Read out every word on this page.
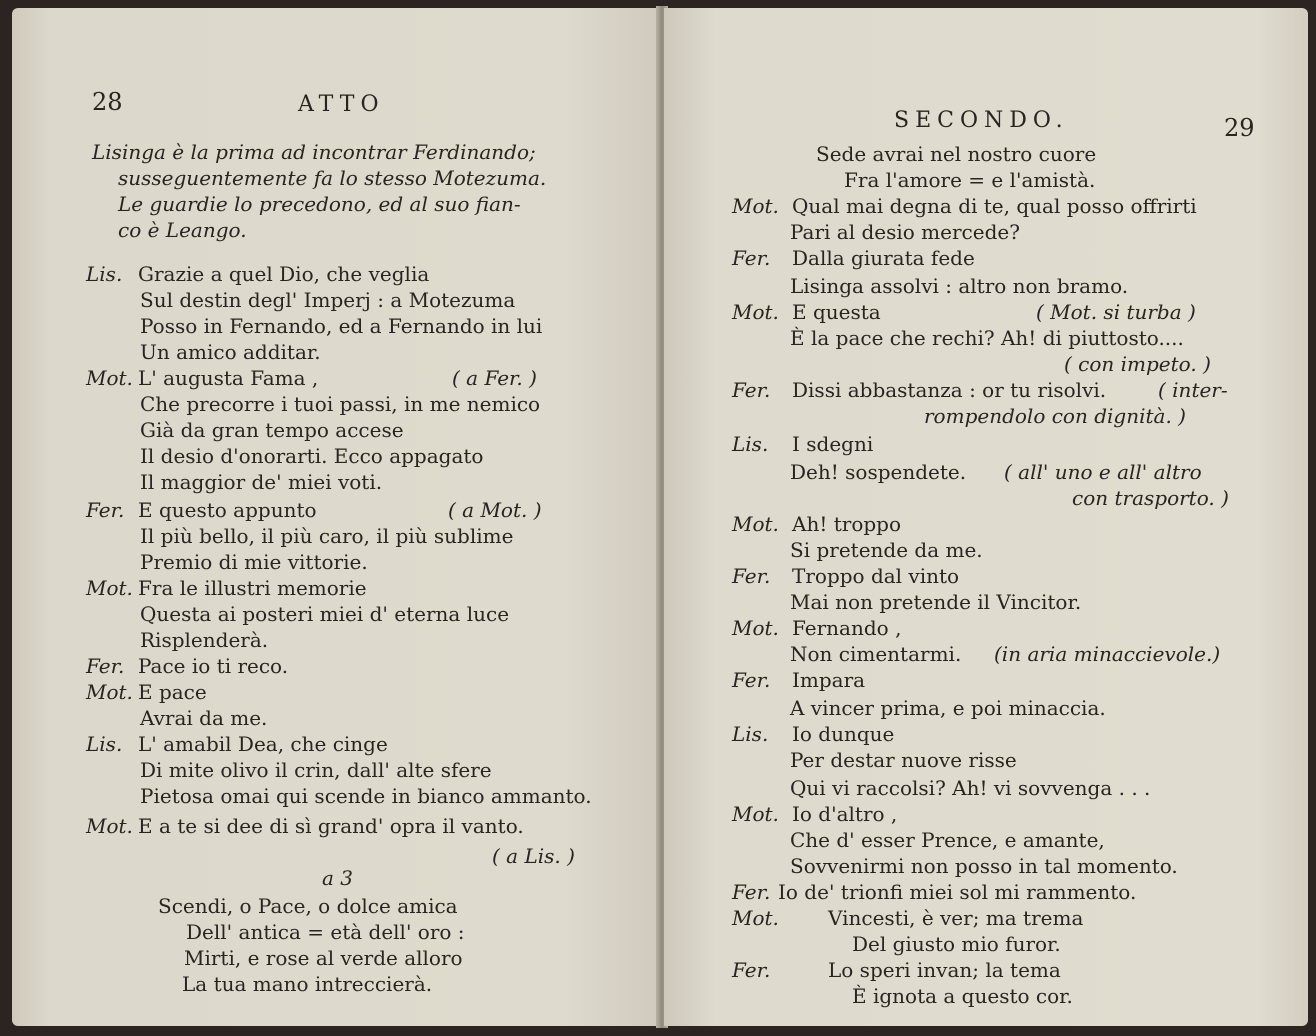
28	ATTO
Lisinga è la prima ad incontrar Ferdinando;
susseguentemente fa lo stesso Motezuma.
Le guardie lo precedono, ed al suo fian-
co è Leango.
Lis. Grazie a quel Dio, che veglia
Sul destin degl' Imperj : a Motezuma
Posso in Fernando, ed a Fernando in lui
Un amico additar.
Mot. L' augusta Fama ,	( a Fer. )
Che precorre i tuoi passi, in me nemico
Già da gran tempo accese
Il desio d'onorarti. Ecco appagato
Il maggior de' miei voti.
Fer. E questo appunto	( a Mot. )
Il più bello, il più caro, il più sublime
Premio di mie vittorie.
Mot. Fra le illustri memorie
Questa ai posteri miei d' eterna luce
Risplenderà.
Fer. Pace io ti reco.
Mot. E pace
Avrai da me.
Lis. L' amabil Dea, che cinge
Di mite olivo il crin, dall' alte sfere
Pietosa omai qui scende in bianco ammanto.
Mot. E a te si dee di sì grand' opra il vanto.
( a Lis. )
a 3
Scendi, o Pace, o dolce amica
Dell' antica = età dell' oro :
Mirti, e rose al verde alloro
La tua mano intreccierà.
SECONDO.	29
Sede avrai nel nostro cuore
Fra l'amore = e l'amistà.
Mot. Qual mai degna di te, qual posso offrirti
Pari al desio mercede?
Fer. Dalla giurata fede
Lisinga assolvi : altro non bramo.
Mot. E questa	( Mot. si turba )
È la pace che rechi? Ah! di piuttosto....
( con impeto. )
Fer. Dissi abbastanza : or tu risolvi.	( inter-
rompendolo con dignità. )
Lis. I sdegni
Deh! sospendete. ( all' uno e all' altro
con trasporto. )
Mot. Ah! troppo
Si pretende da me.
Fer. Troppo dal vinto
Mai non pretende il Vincitor.
Mot. Fernando ,
Non cimentarmi. (in aria minaccievole.)
Fer. Impara
A vincer prima, e poi minaccia.
Lis. Io dunque
Per destar nuove risse
Qui vi raccolsi? Ah! vi sovvenga . . .
Mot. Io d'altro ,
Che d' esser Prence, e amante,
Sovvenirmi non posso in tal momento.
Fer. Io de' trionfi miei sol mi rammento.
Mot. Vincesti, è ver; ma trema
Del giusto mio furor.
Fer.	Lo speri invan; la tema
È ignota a questo cor.
